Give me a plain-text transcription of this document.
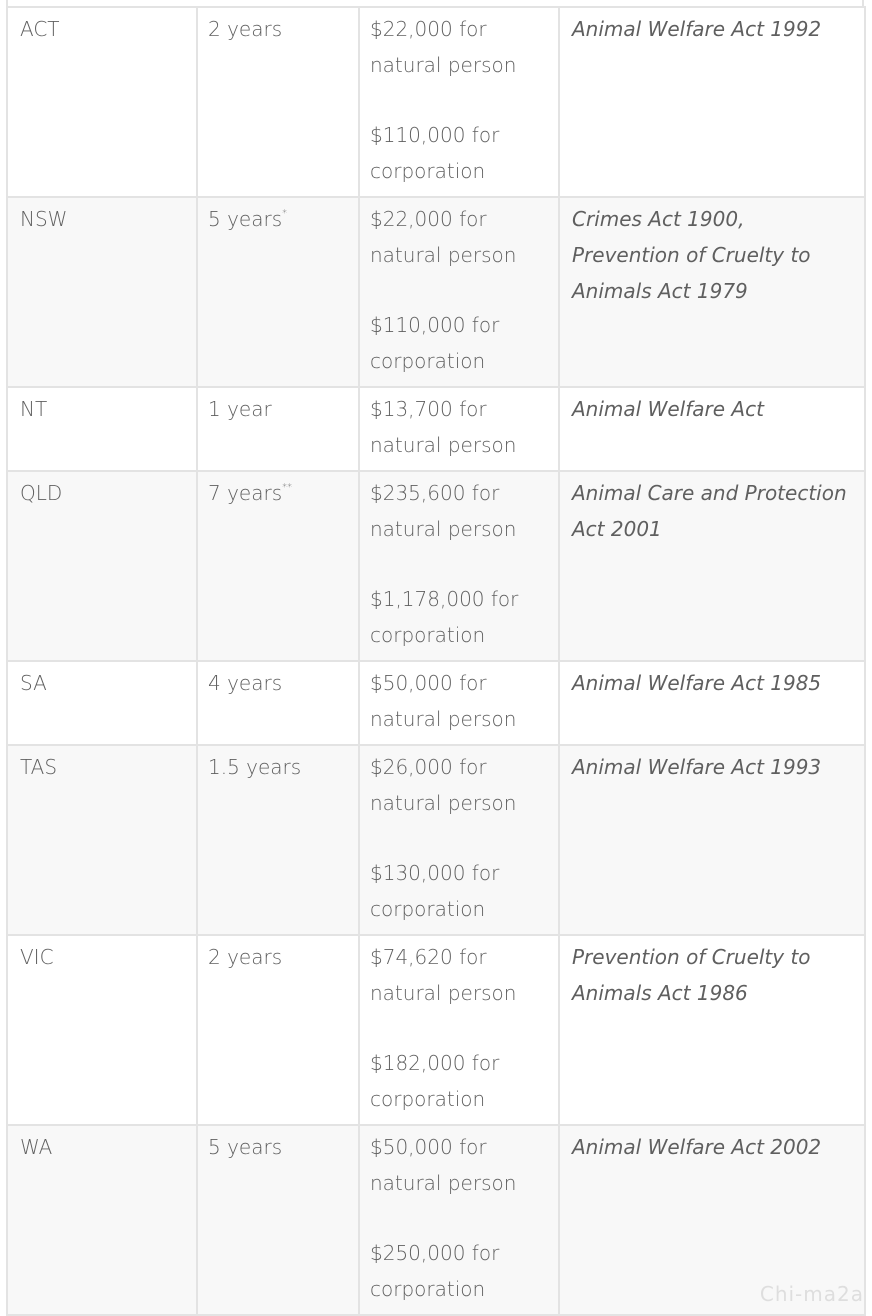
ACT	2 years	$22,000 for
natural person
$110,000 for
corporation	Animal Welfare Act 1992
NSW	5 years*	$22,000 for
natural person
$110,000 for
corporation	Crimes Act 1900, Prevention of Cruelty to Animals Act 1979
NT	1 year	$13,700 for
natural person	Animal Welfare Act
QLD	7 years**	$235,600 for
natural person
$1,178,000 for
corporation	Animal Care and Protection Act 2001
SA	4 years	$50,000 for
natural person	Animal Welfare Act 1985
TAS	1.5 years	$26,000 for
natural person
$130,000 for
corporation	Animal Welfare Act 1993
VIC	2 years	$74,620 for
natural person
$182,000 for
corporation	Prevention of Cruelty to Animals Act 1986
WA	5 years	$50,000 for
natural person
$250,000 for
corporation	Animal Welfare Act 2002
Chi-ma2a
